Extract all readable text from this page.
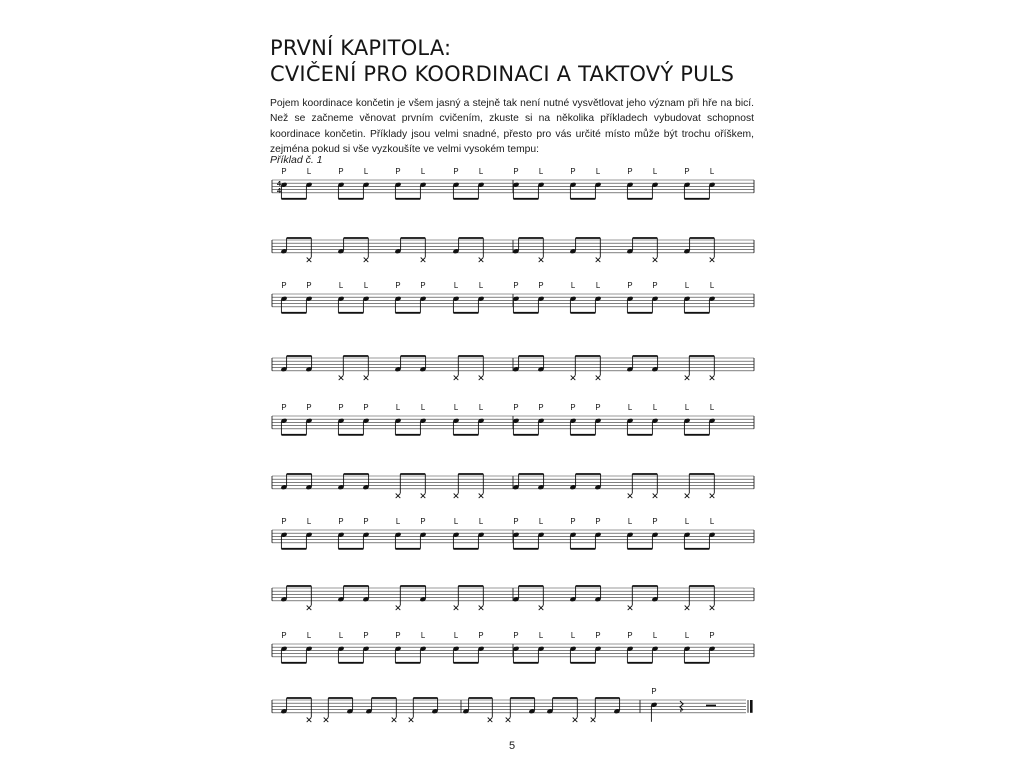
PRVNÍ KAPITOLA:
CVIČENÍ PRO KOORDINACI A TAKTOVÝ PULS

Pojem koordinace končetin je všem jasný a stejně tak není nutné vysvětlovat jeho význam při hře na bicí. Než se začneme věnovat prvním cvičením, zkuste si na několika příkladech vybudovat schopnost koordinace končetin. Příklady jsou velmi snadné, přesto pro vás určité místo může být trochu oříškem, zejména pokud si vše vyzkoušíte ve velmi vysokém tempu:

Příklad č. 1
4
4
P	L	P	L	P	L	P	L	P	L	P	L	P	L	P	L
P	P	L	L	P	P	L	L	P	P	L	L	P	P	L	L
P	P	P	P	L	L	L	L	P	P	P	P	L	L	L	L
P	L	P	P	L	P	L	L	P	L	P	P	L	P	L	L
P	L	L	P	P	L	L	P	P	L	L	P	P	L	L	P
P
5
